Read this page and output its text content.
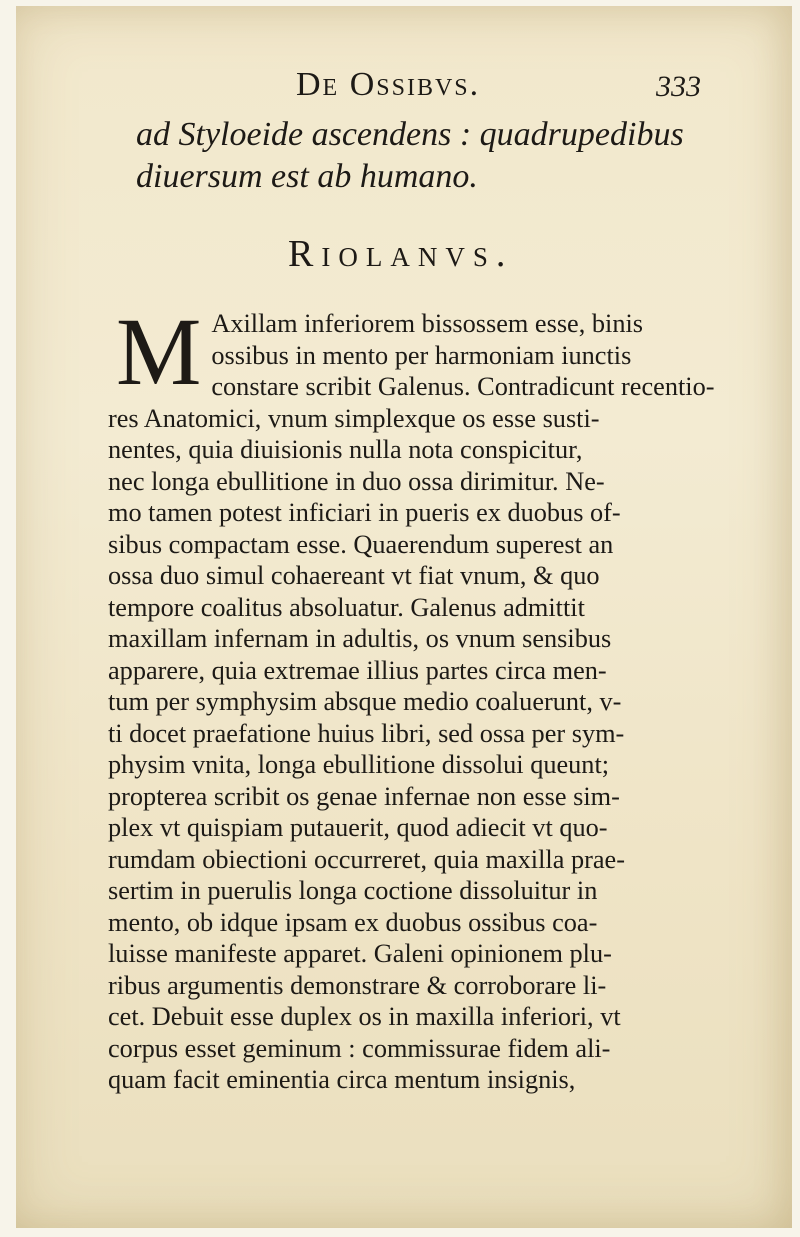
De Ossibvs.	333
ad Styloeide ascendens : quadrupedibus
diuersum est ab humano.
Riolanvs.
M Axillam inferiorem bissossem esse, binis
ossibus in mento per harmoniam iunctis
constare scribit Galenus. Contradicunt recentio-
res Anatomici, vnum simplexque os esse susti-
nentes, quia diuisionis nulla nota conspicitur,
nec longa ebullitione in duo ossa dirimitur. Ne-
mo tamen potest inficiari in pueris ex duobus of-
sibus compactam esse. Quaerendum superest an
ossa duo simul cohaereant vt fiat vnum, & quo
tempore coalitus absoluatur. Galenus admittit
maxillam infernam in adultis, os vnum sensibus
apparere, quia extremae illius partes circa men-
tum per symphysim absque medio coaluerunt, v-
ti docet praefatione huius libri, sed ossa per sym-
physim vnita, longa ebullitione dissolui queunt;
propterea scribit os genae infernae non esse sim-
plex vt quispiam putauerit, quod adiecit vt quo-
rumdam obiectioni occurreret, quia maxilla prae-
sertim in puerulis longa coctione dissoluitur in
mento, ob idque ipsam ex duobus ossibus coa-
luisse manifeste apparet. Galeni opinionem plu-
ribus argumentis demonstrare & corroborare li-
cet. Debuit esse duplex os in maxilla inferiori, vt
corpus esset geminum : commissurae fidem ali-
quam facit eminentia circa mentum insignis,
